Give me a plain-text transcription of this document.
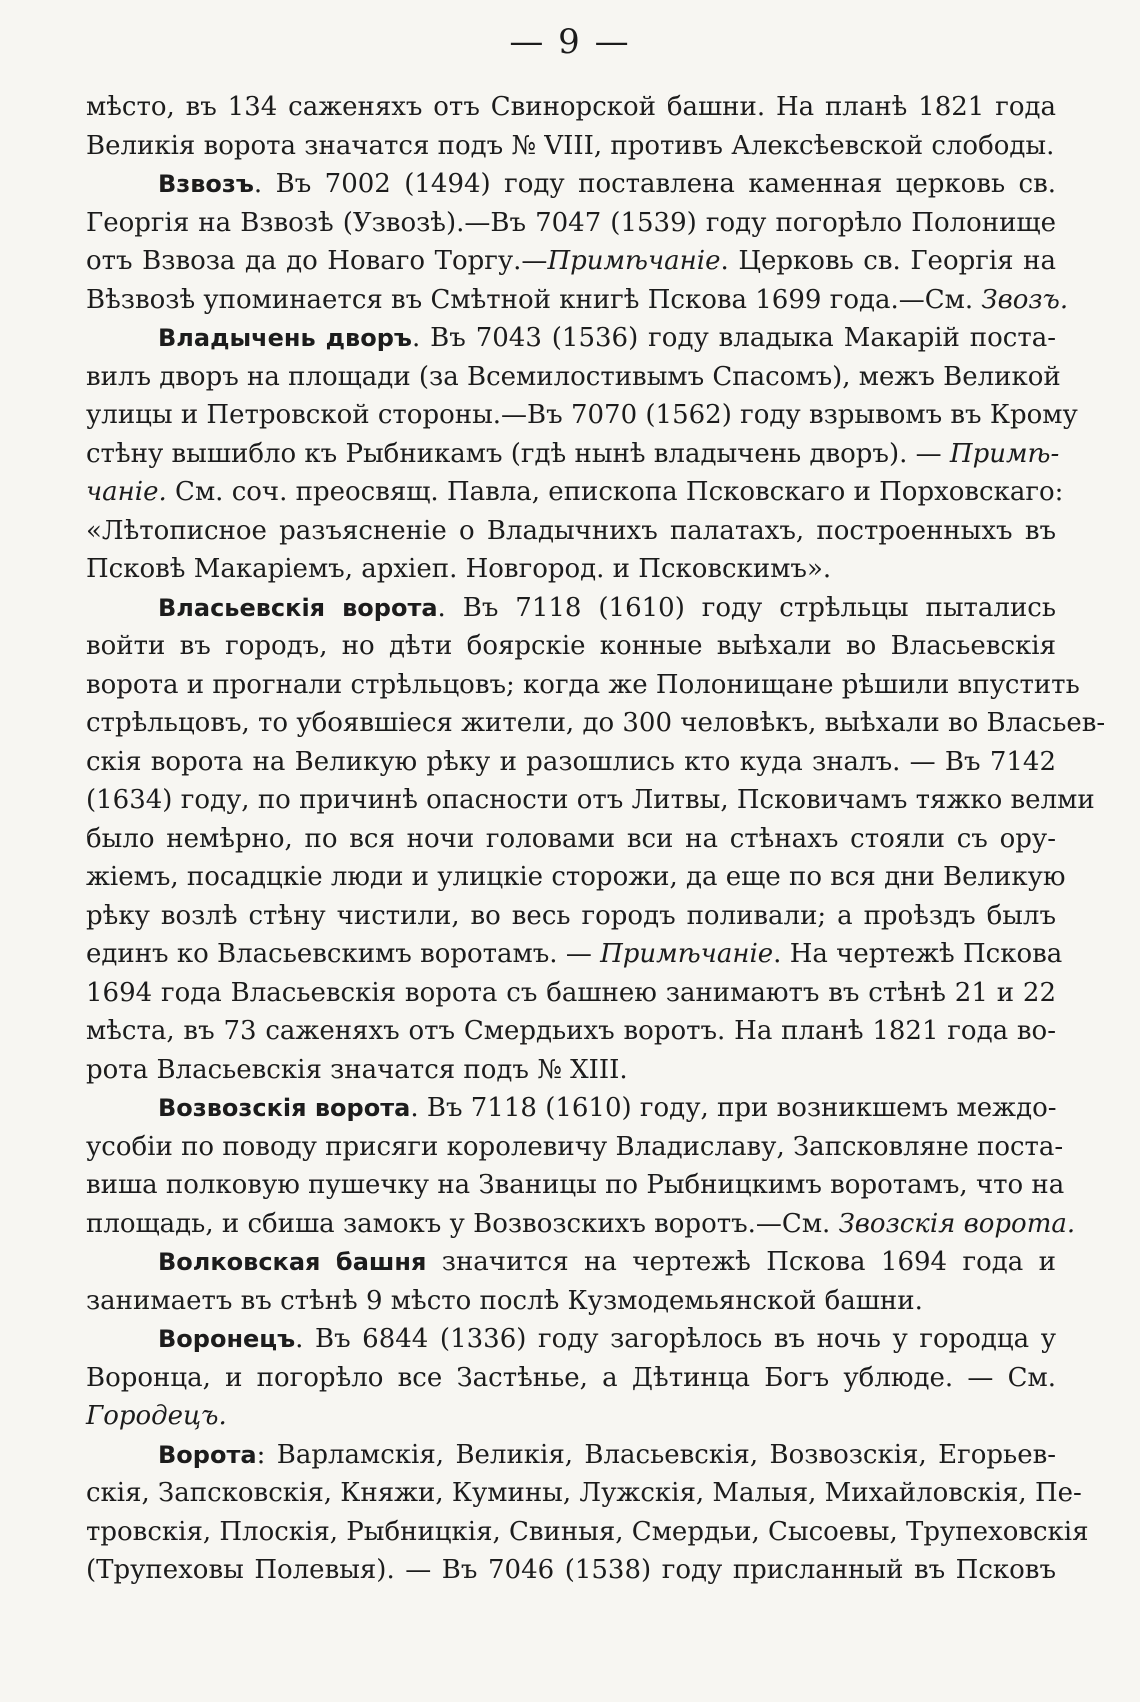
— 9 —
мѣсто, въ 134 саженяхъ отъ Свинорской башни. На планѣ 1821 года
Великія ворота значатся подъ № VIII, противъ Алексѣевской слободы.
Взвозъ. Въ 7002 (1494) году поставлена каменная церковь св.
Георгія на Взвозѣ (Узвозѣ).—Въ 7047 (1539) году погорѣло Полонище
отъ Взвоза да до Новаго Торгу.—Примѣчаніе. Церковь св. Георгія на
Вѣзвозѣ упоминается въ Смѣтной книгѣ Пскова 1699 года.—См. Звозъ.
Владычень дворъ. Въ 7043 (1536) году владыка Макарій поста-
вилъ дворъ на площади (за Всемилостивымъ Спасомъ), межъ Великой
улицы и Петровской стороны.—Въ 7070 (1562) году взрывомъ въ Крому
стѣну вышибло къ Рыбникамъ (гдѣ нынѣ владычень дворъ). — Примѣ-
чаніе. См. соч. преосвящ. Павла, епископа Псковскаго и Порховскаго:
«Лѣтописное разъясненіе о Владычнихъ палатахъ, построенныхъ въ
Псковѣ Макаріемъ, архіеп. Новгород. и Псковскимъ».
Власьевскія ворота. Въ 7118 (1610) году стрѣльцы пытались
войти въ городъ, но дѣти боярскіе конные выѣхали во Власьевскія
ворота и прогнали стрѣльцовъ; когда же Полонищане рѣшили впустить
стрѣльцовъ, то убоявшіеся жители, до 300 человѣкъ, выѣхали во Власьев-
скія ворота на Великую рѣку и разошлись кто куда зналъ. — Въ 7142
(1634) году, по причинѣ опасности отъ Литвы, Псковичамъ тяжко велми
было немѣрно, по вся ночи головами вси на стѣнахъ стояли съ ору-
жіемъ, посадцкіе люди и улицкіе сторожи, да еще по вся дни Великую
рѣку возлѣ стѣну чистили, во весь городъ поливали; а проѣздъ былъ
единъ ко Власьевскимъ воротамъ. — Примѣчаніе. На чертежѣ Пскова
1694 года Власьевскія ворота съ башнею занимаютъ въ стѣнѣ 21 и 22
мѣста, въ 73 саженяхъ отъ Смердьихъ воротъ. На планѣ 1821 года во-
рота Власьевскія значатся подъ № XIII.
Возвозскія ворота. Въ 7118 (1610) году, при возникшемъ междо-
усобіи по поводу присяги королевичу Владиславу, Запсковляне поста-
виша полковую пушечку на Званицы по Рыбницкимъ воротамъ, что на
площадь, и сбиша замокъ у Возвозскихъ воротъ.—См. Звозскія ворота.
Волковская башня значится на чертежѣ Пскова 1694 года и
занимаетъ въ стѣнѣ 9 мѣсто послѣ Кузмодемьянской башни.
Воронецъ. Въ 6844 (1336) году загорѣлось въ ночь у городца у
Воронца, и погорѣло все Застѣнье, а Дѣтинца Богъ ублюде. — См.
Городецъ.
Ворота: Варламскія, Великія, Власьевскія, Возвозскія, Егорьев-
скія, Запсковскія, Княжи, Кумины, Лужскія, Малыя, Михайловскія, Пе-
тровскія, Плоскія, Рыбницкія, Свиныя, Смердьи, Сысоевы, Трупеховскія
(Трупеховы Полевыя). — Въ 7046 (1538) году присланный въ Псковъ
